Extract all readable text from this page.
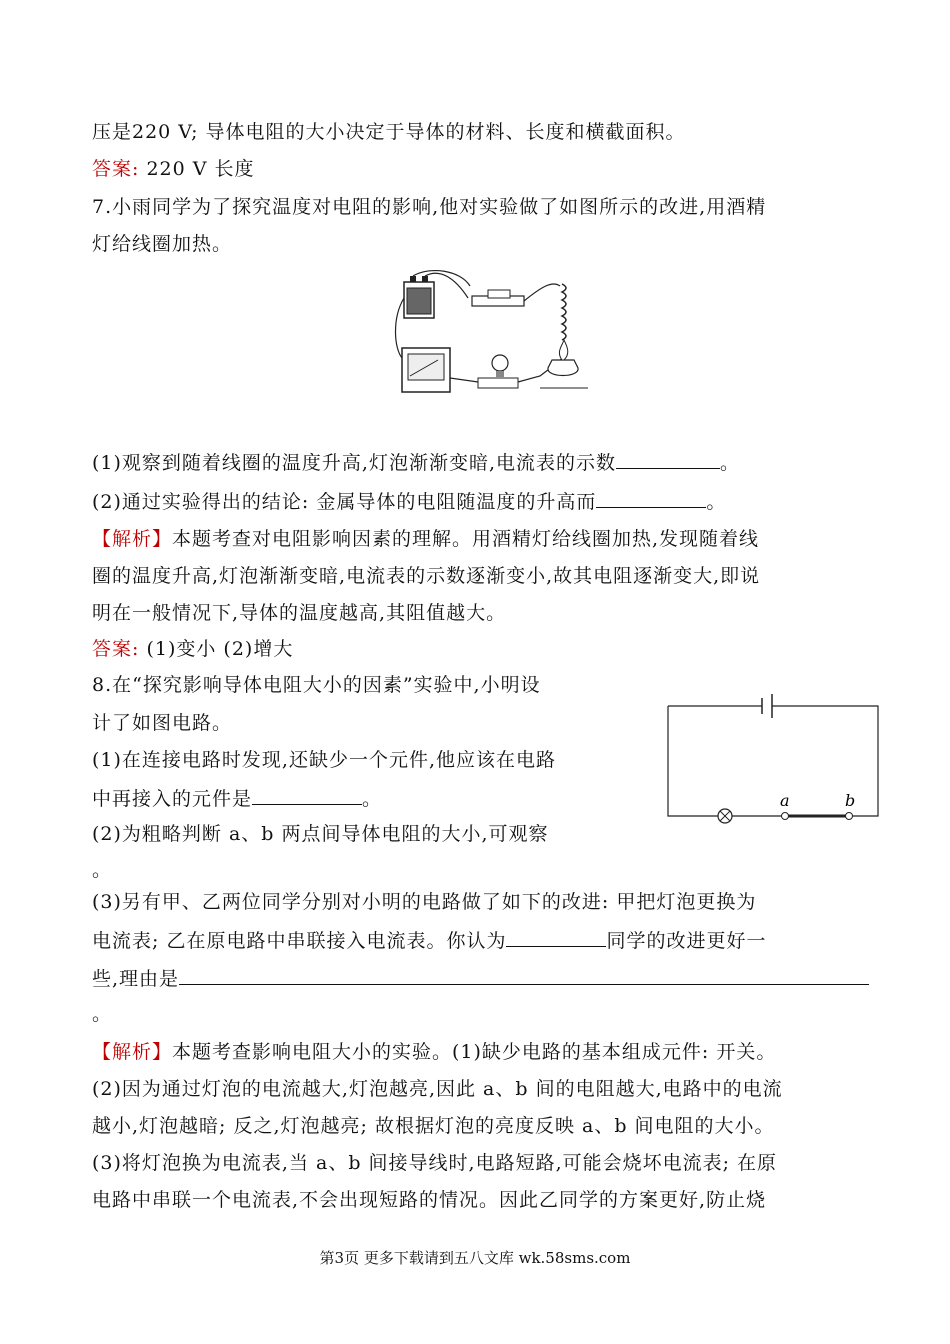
压是220 V; 导体电阻的大小决定于导体的材料、长度和横截面积。
答案: 220 V 长度
7.小雨同学为了探究温度对电阻的影响,他对实验做了如图所示的改进,用酒精
灯给线圈加热。
(1)观察到随着线圈的温度升高,灯泡渐渐变暗,电流表的示数	。
(2)通过实验得出的结论: 金属导体的电阻随温度的升高而	。
【解析】本题考查对电阻影响因素的理解。用酒精灯给线圈加热,发现随着线
圈的温度升高,灯泡渐渐变暗,电流表的示数逐渐变小,故其电阻逐渐变大,即说
明在一般情况下,导体的温度越高,其阻值越大。
答案: (1)变小 (2)增大
8.在“探究影响导体电阻大小的因素”实验中,小明设
计了如图电路。
(1)在连接电路时发现,还缺少一个元件,他应该在电路
中再接入的元件是	。
(2)为粗略判断 a、b 两点间导体电阻的大小,可观察
。
a	b
(3)另有甲、乙两位同学分别对小明的电路做了如下的改进: 甲把灯泡更换为
电流表; 乙在原电路中串联接入电流表。你认为	同学的改进更好一
些,理由是
。
【解析】本题考查影响电阻大小的实验。(1)缺少电路的基本组成元件: 开关。
(2)因为通过灯泡的电流越大,灯泡越亮,因此 a、b 间的电阻越大,电路中的电流
越小,灯泡越暗; 反之,灯泡越亮; 故根据灯泡的亮度反映 a、b 间电阻的大小。
(3)将灯泡换为电流表,当 a、b 间接导线时,电路短路,可能会烧坏电流表; 在原
电路中串联一个电流表,不会出现短路的情况。因此乙同学的方案更好,防止烧
第3页 更多下载请到五八文库 wk.58sms.com
